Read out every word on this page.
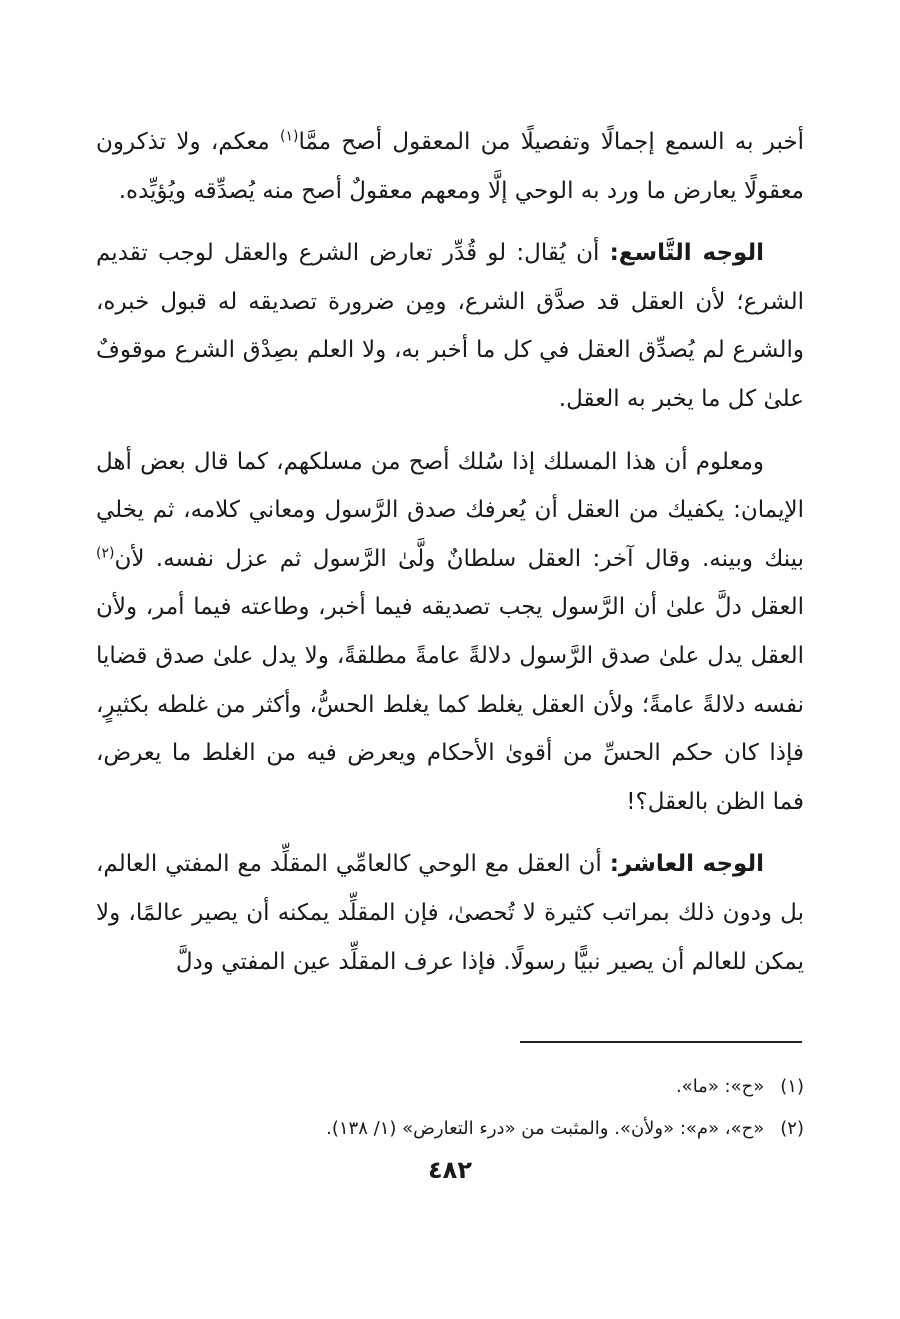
أخبر به السمع إجمالًا وتفصيلًا من المعقول أصح ممَّا$^{(١)}$ معكم، ولا تذكرون معقولًا يعارض ما ورد به الوحي إلَّا ومعهم معقولٌ أصح منه يُصدِّقه ويُؤيِّده.

الوجه التَّاسع: أن يُقال: لو قُدِّر تعارض الشرع والعقل لوجب تقديم الشرع؛ لأن العقل قد صدَّق الشرع، ومِن ضرورة تصديقه له قبول خبره، والشرع لم يُصدِّق العقل في كل ما أخبر به، ولا العلم بصِدْق الشرع موقوفٌ علىٰ كل ما يخبر به العقل.

ومعلوم أن هذا المسلك إذا سُلك أصح من مسلكهم، كما قال بعض أهل الإيمان: يكفيك من العقل أن يُعرفك صدق الرَّسول ومعاني كلامه، ثم يخلي بينك وبينه. وقال آخر: العقل سلطانٌ ولَّىٰ الرَّسول ثم عزل نفسه. لأن$^{(٢)}$ العقل دلَّ علىٰ أن الرَّسول يجب تصديقه فيما أخبر، وطاعته فيما أمر، ولأن العقل يدل علىٰ صدق الرَّسول دلالةً عامةً مطلقةً، ولا يدل علىٰ صدق قضايا نفسه دلالةً عامةً؛ ولأن العقل يغلط كما يغلط الحسُّ، وأكثر من غلطه بكثيرٍ، فإذا كان حكم الحسِّ من أقوىٰ الأحكام ويعرض فيه من الغلط ما يعرض، فما الظن بالعقل؟!

الوجه العاشر: أن العقل مع الوحي كالعامِّي المقلِّد مع المفتي العالم، بل ودون ذلك بمراتب كثيرة لا تُحصىٰ، فإن المقلِّد يمكنه أن يصير عالمًا، ولا يمكن للعالم أن يصير نبيًّا رسولًا. فإذا عرف المقلِّد عين المفتي ودلَّ

(١) «ح»: «ما».

(٢) «ح»، «م»: «ولأن». والمثبت من «درء التعارض» (١/ ١٣٨).

٤٨٢
